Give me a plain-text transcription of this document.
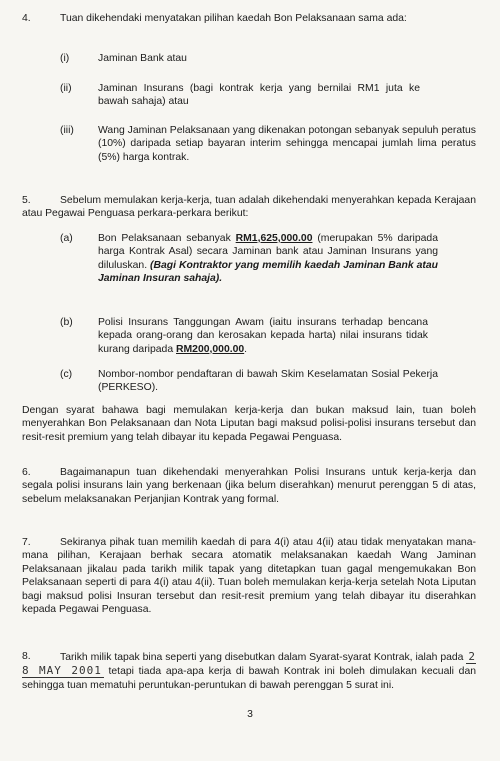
4.	Tuan dikehendaki menyatakan pilihan kaedah Bon Pelaksanaan sama ada:

(i)	Jaminan Bank atau

(ii)	Jaminan Insurans (bagi kontrak kerja yang bernilai RM1 juta ke bawah sahaja) atau

(iii) Wang Jaminan Pelaksanaan yang dikenakan potongan sebanyak sepuluh peratus (10%) daripada setiap bayaran interim sehingga mencapai jumlah lima peratus (5%) harga kontrak.

5.	Sebelum memulakan kerja-kerja, tuan adalah dikehendaki menyerahkan kepada Kerajaan atau Pegawai Penguasa perkara-perkara berikut:

(a) Bon Pelaksanaan sebanyak RM1,625,000.00 (merupakan 5% daripada harga Kontrak Asal) secara Jaminan bank atau Jaminan Insurans yang diluluskan. (Bagi Kontraktor yang memilih kaedah Jaminan Bank atau Jaminan Insuran sahaja).

(b) Polisi Insurans Tanggungan Awam (iaitu insurans terhadap bencana kepada orang-orang dan kerosakan kepada harta) nilai insurans tidak kurang daripada RM200,000.00.

(c) Nombor-nombor pendaftaran di bawah Skim Keselamatan Sosial Pekerja (PERKESO).

Dengan syarat bahawa bagi memulakan kerja-kerja dan bukan maksud lain, tuan boleh menyerahkan Bon Pelaksanaan dan Nota Liputan bagi maksud polisi-polisi insurans tersebut dan resit-resit premium yang telah dibayar itu kepada Pegawai Penguasa.

6.	Bagaimanapun tuan dikehendaki menyerahkan Polisi Insurans untuk kerja-kerja dan segala polisi insurans lain yang berkenaan (jika belum diserahkan) menurut perenggan 5 di atas, sebelum melaksanakan Perjanjian Kontrak yang formal.

7.	Sekiranya pihak tuan memilih kaedah di para 4(i) atau 4(ii) atau tidak menyatakan mana-mana pilihan, Kerajaan berhak secara atomatik melaksanakan kaedah Wang Jaminan Pelaksanaan jikalau pada tarikh milik tapak yang ditetapkan tuan gagal mengemukakan Bon Pelaksanaan seperti di para 4(i) atau 4(ii). Tuan boleh memulakan kerja-kerja setelah Nota Liputan bagi maksud polisi Insuran tersebut dan resit-resit premium yang telah dibayar itu diserahkan kepada Pegawai Penguasa.

8.	Tarikh milik tapak bina seperti yang disebutkan dalam Syarat-syarat Kontrak, ialah pada 2 8 MAY 2001 tetapi tiada apa-apa kerja di bawah Kontrak ini boleh dimulakan kecuali dan sehingga tuan mematuhi peruntukan-peruntukan di bawah perenggan 5 surat ini.

3
